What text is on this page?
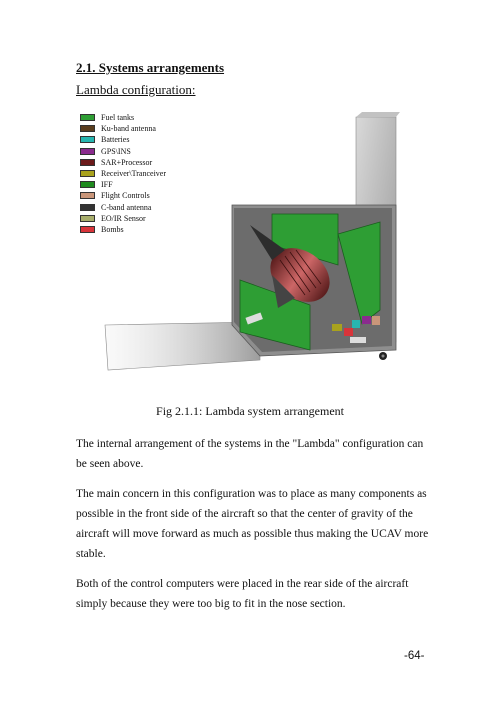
2.1. Systems arrangements
Lambda configuration:
Fuel tanks
Ku-band antenna
Batteries
GPS\INS
SAR+Processor
Receiver\Tranceiver
IFF
Flight Controls
C-band antenna
EO/IR Sensor
Bombs
Fig 2.1.1: Lambda system arrangement

The internal arrangement of the systems in the "Lambda" configuration can be seen above.

The main concern in this configuration was to place as many components as possible in the front side of the aircraft so that the center of gravity of the aircraft will move forward as much as possible thus making the UCAV more stable.

Both of the control computers were placed in the rear side of the aircraft simply because they were too big to fit in the nose section.

-64-
